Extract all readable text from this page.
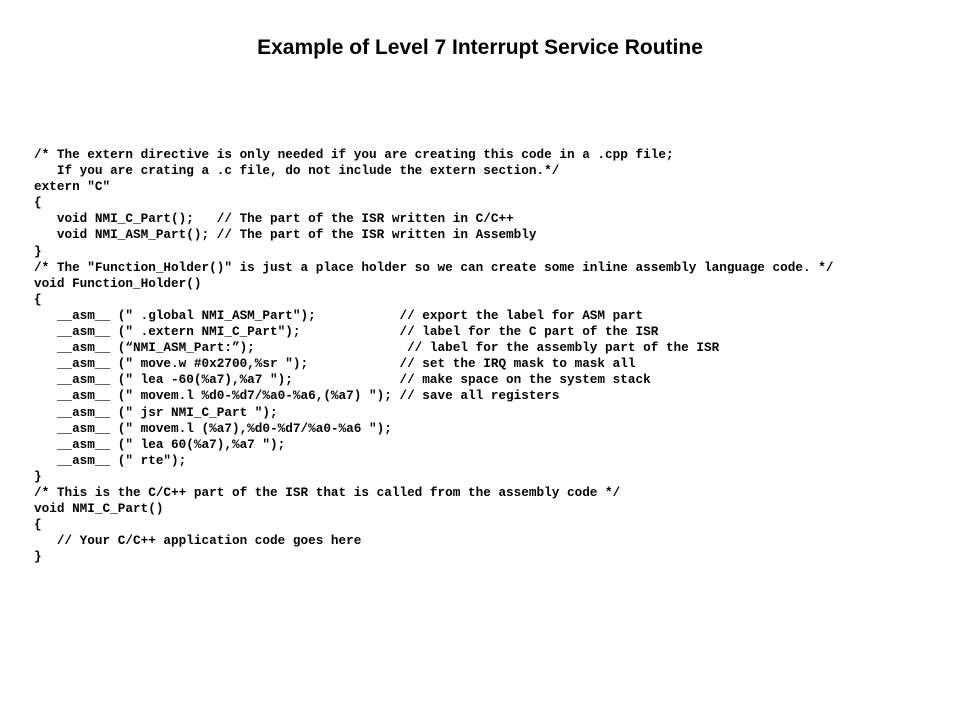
Example of Level 7 Interrupt Service Routine
/* The extern directive is only needed if you are creating this code in a .cpp file;
If you are crating a .c file, do not include the extern section.*/
extern "C"
{
void NMI_C_Part();   // The part of the ISR written in C/C++
void NMI_ASM_Part(); // The part of the ISR written in Assembly
}
/* The "Function_Holder()" is just a place holder so we can create some inline assembly language code. */
void Function_Holder()
{
__asm__ (" .global NMI_ASM_Part");           // export the label for ASM part
__asm__ (" .extern NMI_C_Part");             // label for the C part of the ISR
__asm__ (“NMI_ASM_Part:”);                    // label for the assembly part of the ISR
__asm__ (" move.w #0x2700,%sr ");            // set the IRQ mask to mask all
__asm__ (" lea -60(%a7),%a7 ");              // make space on the system stack
__asm__ (" movem.l %d0-%d7/%a0-%a6,(%a7) "); // save all registers
__asm__ (" jsr NMI_C_Part ");
__asm__ (" movem.l (%a7),%d0-%d7/%a0-%a6 ");
__asm__ (" lea 60(%a7),%a7 ");
__asm__ (" rte");
}
/* This is the C/C++ part of the ISR that is called from the assembly code */
void NMI_C_Part()
{
// Your C/C++ application code goes here
}
